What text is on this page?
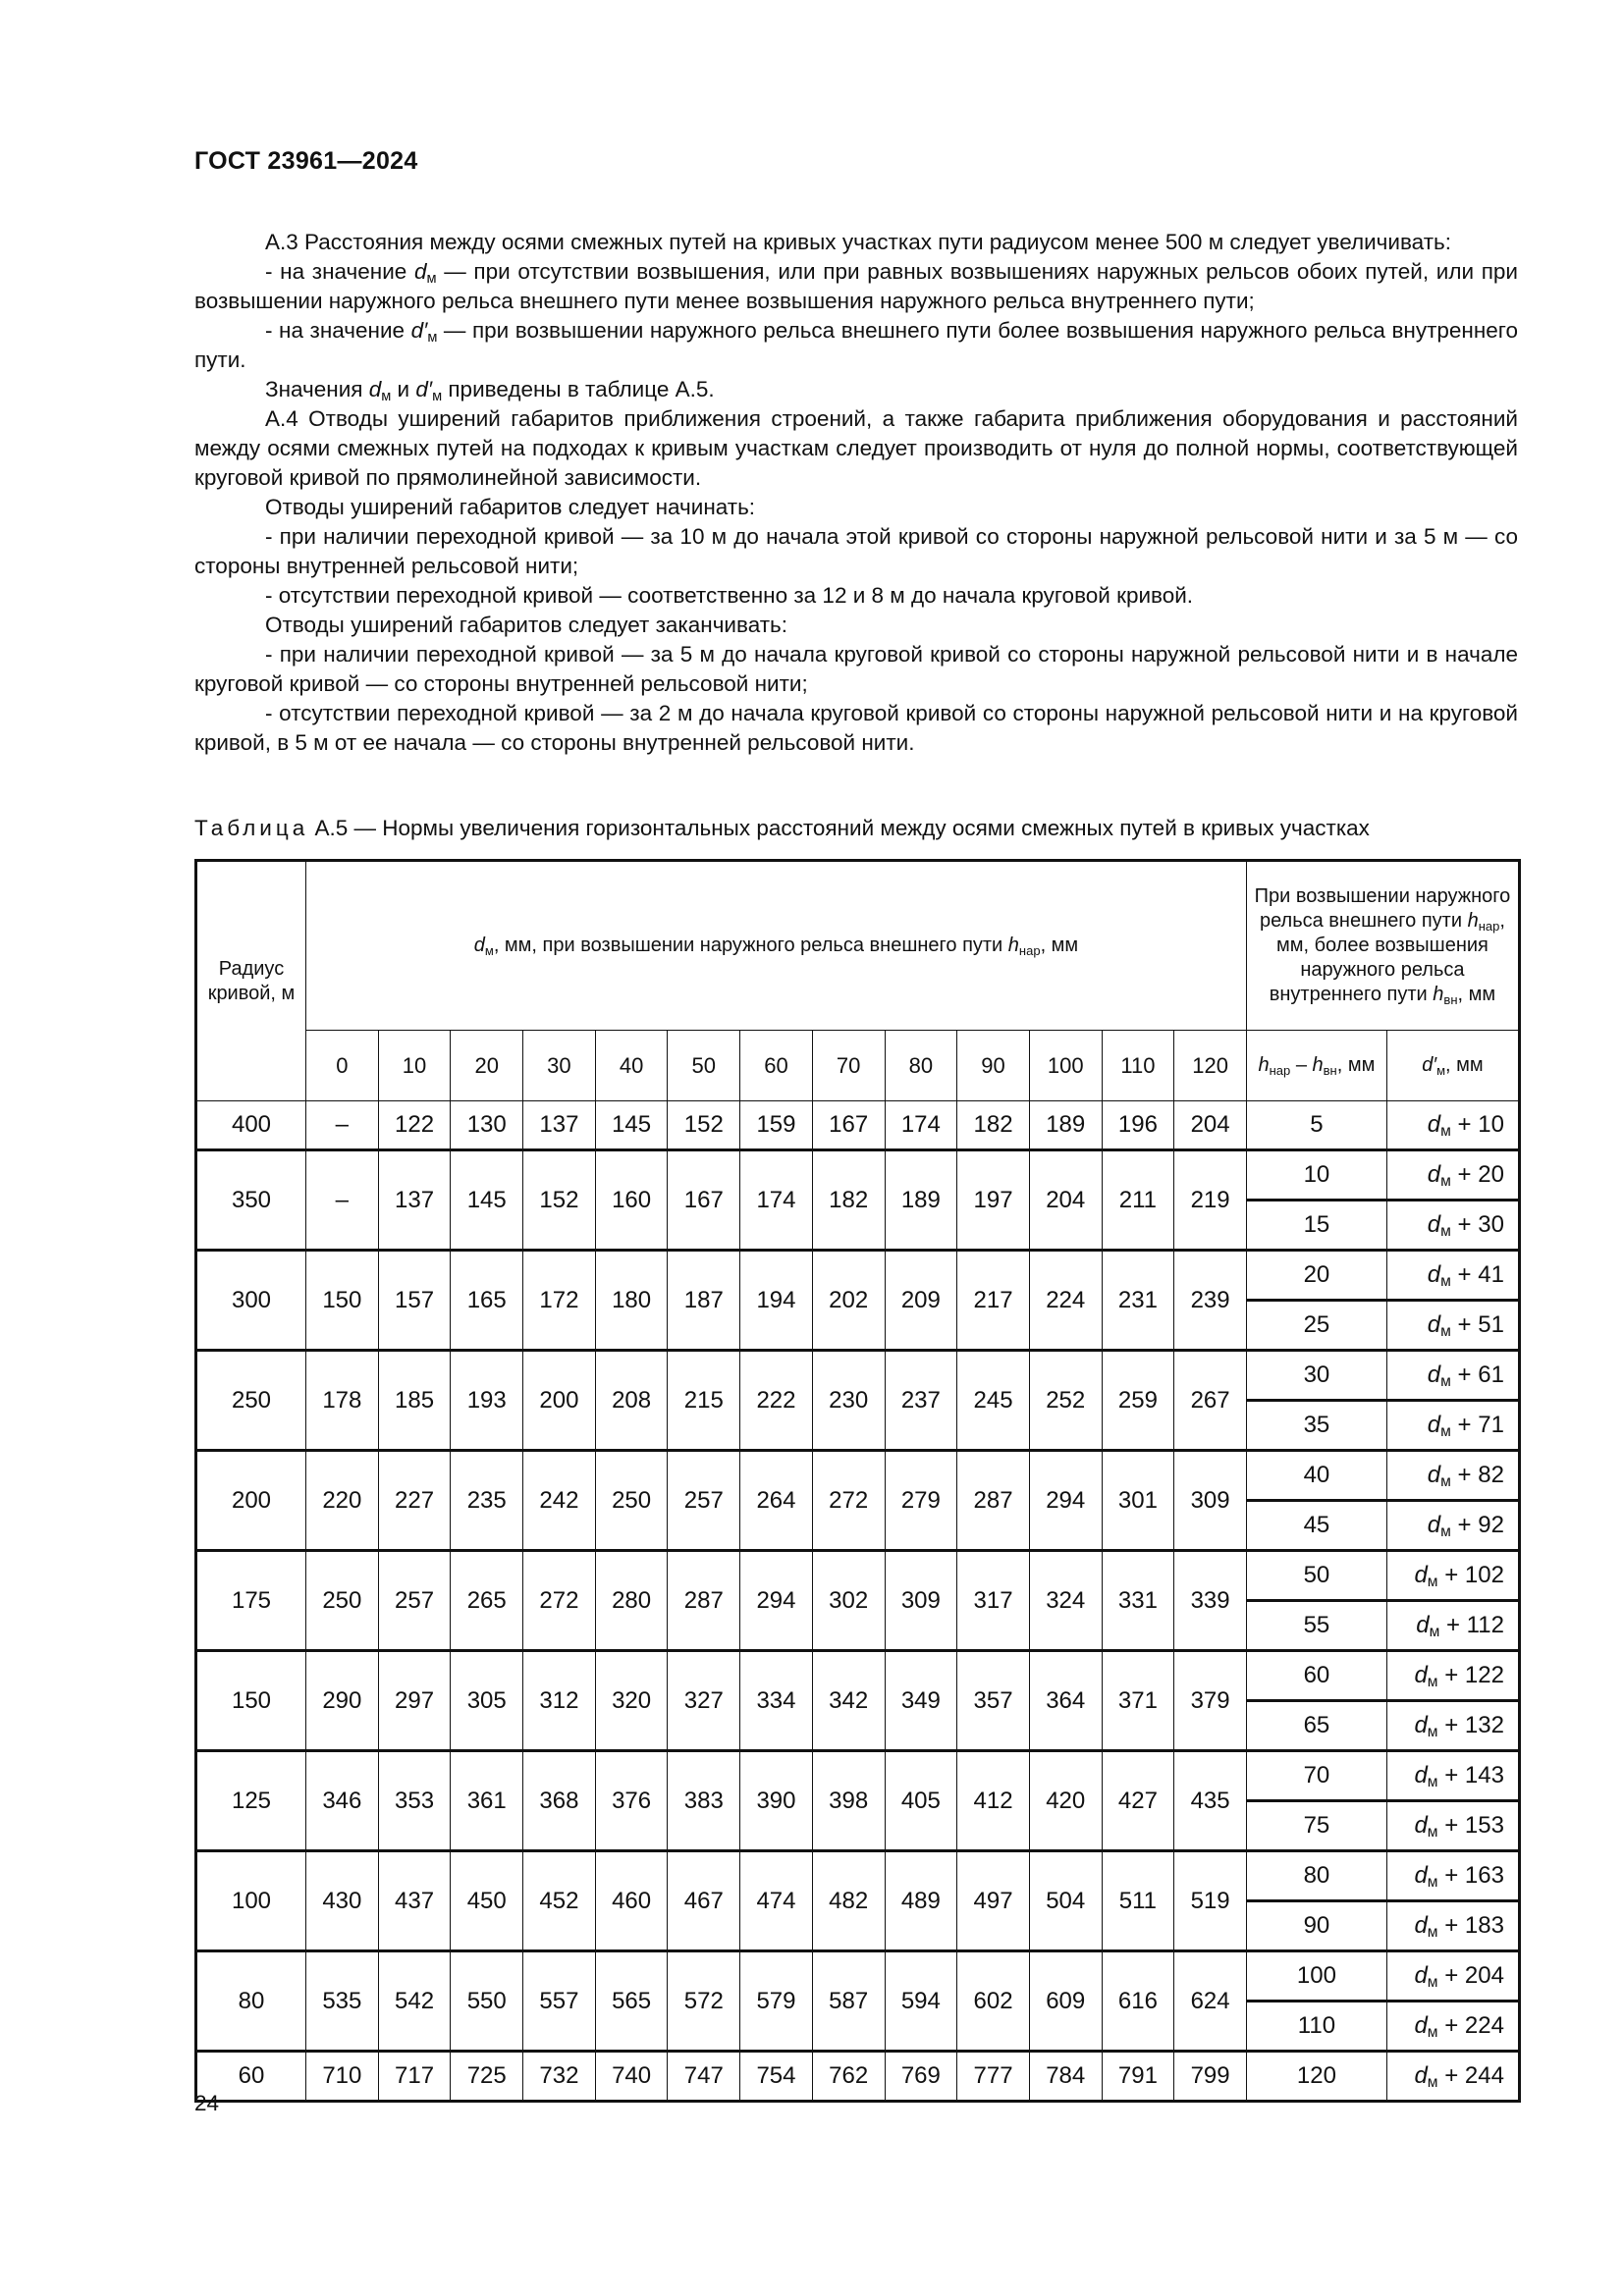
ГОСТ 23961—2024

А.3 Расстояния между осями смежных путей на кривых участках пути радиусом менее 500 м следует увеличивать:

- на значение $d_м$ — при отсутствии возвышения, или при равных возвышениях наружных рельсов обоих путей, или при возвышении наружного рельса внешнего пути менее возвышения наружного рельса внутреннего пути;

- на значение $d'_м$ — при возвышении наружного рельса внешнего пути более возвышения наружного рельса внутреннего пути.

Значения $d_м$ и $d'_м$ приведены в таблице А.5.

А.4 Отводы уширений габаритов приближения строений, а также габарита приближения оборудования и расстояний между осями смежных путей на подходах к кривым участкам следует производить от нуля до полной нормы, соответствующей круговой кривой по прямолинейной зависимости.

Отводы уширений габаритов следует начинать:

- при наличии переходной кривой — за 10 м до начала этой кривой со стороны наружной рельсовой нити и за 5 м — со стороны внутренней рельсовой нити;

- отсутствии переходной кривой — соответственно за 12 и 8 м до начала круговой кривой.

Отводы уширений габаритов следует заканчивать:

- при наличии переходной кривой — за 5 м до начала круговой кривой со стороны наружной рельсовой нити и в начале круговой кривой — со стороны внутренней рельсовой нити;

- отсутствии переходной кривой — за 2 м до начала круговой кривой со стороны наружной рельсовой нити и на круговой кривой, в 5 м от ее начала — со стороны внутренней рельсовой нити.

Таблица А.5 — Нормы увеличения горизонтальных расстояний между осями смежных путей в кривых участках
Радиус кривой, м	$d_м$, мм, при возвышении наружного рельса внешнего пути $h_{нар}$, мм													При возвышении наружного рельса внешнего пути $h_{нар}$, мм, более возвышения наружного рельса внутреннего пути $h_{вн}$, мм	
	0	10	20	30	40	50	60	70	80	90	100	110	120	$h_{нар} - h_{вн}$, мм	$d'_м$, мм
400	–	122	130	137	145	152	159	167	174	182	189	196	204	5	$d_м + 10$
350	–	137	145	152	160	167	174	182	189	197	204	211	219	10	$d_м + 20$
														15	$d_м + 30$
300	150	157	165	172	180	187	194	202	209	217	224	231	239	20	$d_м + 41$
														25	$d_м + 51$
250	178	185	193	200	208	215	222	230	237	245	252	259	267	30	$d_м + 61$
														35	$d_м + 71$
200	220	227	235	242	250	257	264	272	279	287	294	301	309	40	$d_м + 82$
														45	$d_м + 92$
175	250	257	265	272	280	287	294	302	309	317	324	331	339	50	$d_м + 102$
														55	$d_м + 112$
150	290	297	305	312	320	327	334	342	349	357	364	371	379	60	$d_м + 122$
														65	$d_м + 132$
125	346	353	361	368	376	383	390	398	405	412	420	427	435	70	$d_м + 143$
														75	$d_м + 153$
100	430	437	450	452	460	467	474	482	489	497	504	511	519	80	$d_м + 163$
														90	$d_м + 183$
80	535	542	550	557	565	572	579	587	594	602	609	616	624	100	$d_м + 204$
														110	$d_м + 224$
60	710	717	725	732	740	747	754	762	769	777	784	791	799	120	$d_м + 244$
24
